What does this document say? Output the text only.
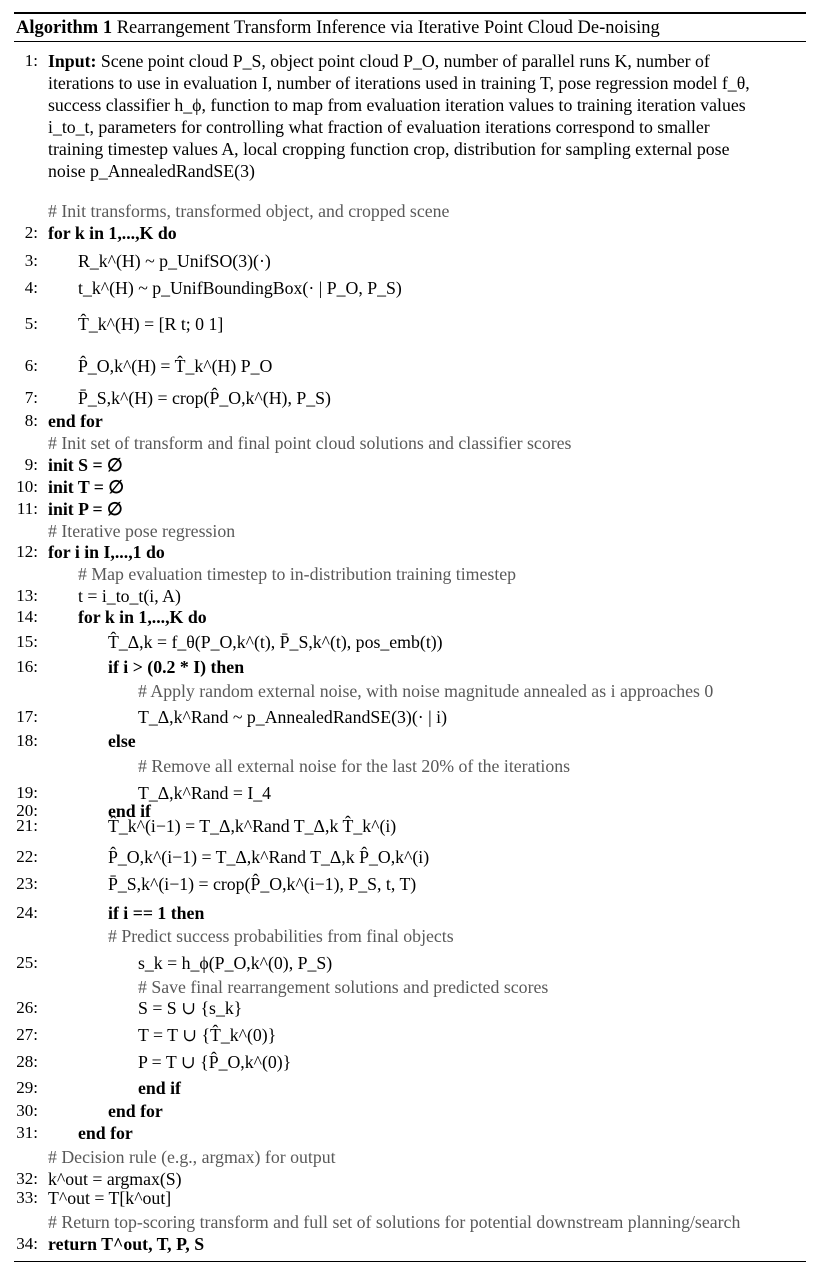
Algorithm 1 Rearrangement Transform Inference via Iterative Point Cloud De-noising
1: Input: Scene point cloud P_S, object point cloud P_O, number of parallel runs K, number of
iterations to use in evaluation I, number of iterations used in training T, pose regression model f_θ,
success classifier h_ϕ, function to map from evaluation iteration values to training iteration values
i_to_t, parameters for controlling what fraction of evaluation iterations correspond to smaller
training timestep values A, local cropping function crop, distribution for sampling external pose
noise p_AnnealedRandSE(3)
# Init transforms, transformed object, and cropped scene
2: for k in 1,...,K do
3: R_k^(H) ~ p_UnifSO(3)(·)
4: t_k^(H) ~ p_UnifBoundingBox(· | P_O, P_S)
5: T̂_k^(H) = [R t; 0 1]
6: P̂_O,k^(H) = T̂_k^(H) P_O
7: P̄_S,k^(H) = crop(P̂_O,k^(H), P_S)
8: end for
# Init set of transform and final point cloud solutions and classifier scores
9: init S = ∅
10: init T = ∅
11: init P = ∅
# Iterative pose regression
12: for i in I,...,1 do
# Map evaluation timestep to in-distribution training timestep
13: t = i_to_t(i, A)
14: for k in 1,...,K do
15:	T̂_Δ,k = f_θ(P_O,k^(t), P̄_S,k^(t), pos_emb(t))
16:	if i > (0.2 * I) then
# Apply random external noise, with noise magnitude annealed as i approaches 0
17:	T_Δ,k^Rand ~ p_AnnealedRandSE(3)(· | i)
18:	else
# Remove all external noise for the last 20% of the iterations
19:	T_Δ,k^Rand = I_4
20:	end if
21:	T̂_k^(i−1) = T_Δ,k^Rand T_Δ,k T̂_k^(i)
22:	P̂_O,k^(i−1) = T_Δ,k^Rand T_Δ,k P̂_O,k^(i)
23:	P̄_S,k^(i−1) = crop(P̂_O,k^(i−1), P_S, t, T)
24:	if i == 1 then
# Predict success probabilities from final objects
25:	s_k = h_ϕ(P_O,k^(0), P_S)
# Save final rearrangement solutions and predicted scores
26:	S = S ∪ {s_k}
27:	T = T ∪ {T̂_k^(0)}
28:	P = T ∪ {P̂_O,k^(0)}
29:	end if
30:	end for
31: end for
# Decision rule (e.g., argmax) for output
32: k^out = argmax(S)
33: T^out = T[k^out]
# Return top-scoring transform and full set of solutions for potential downstream planning/search
34: return T^out, T, P, S
